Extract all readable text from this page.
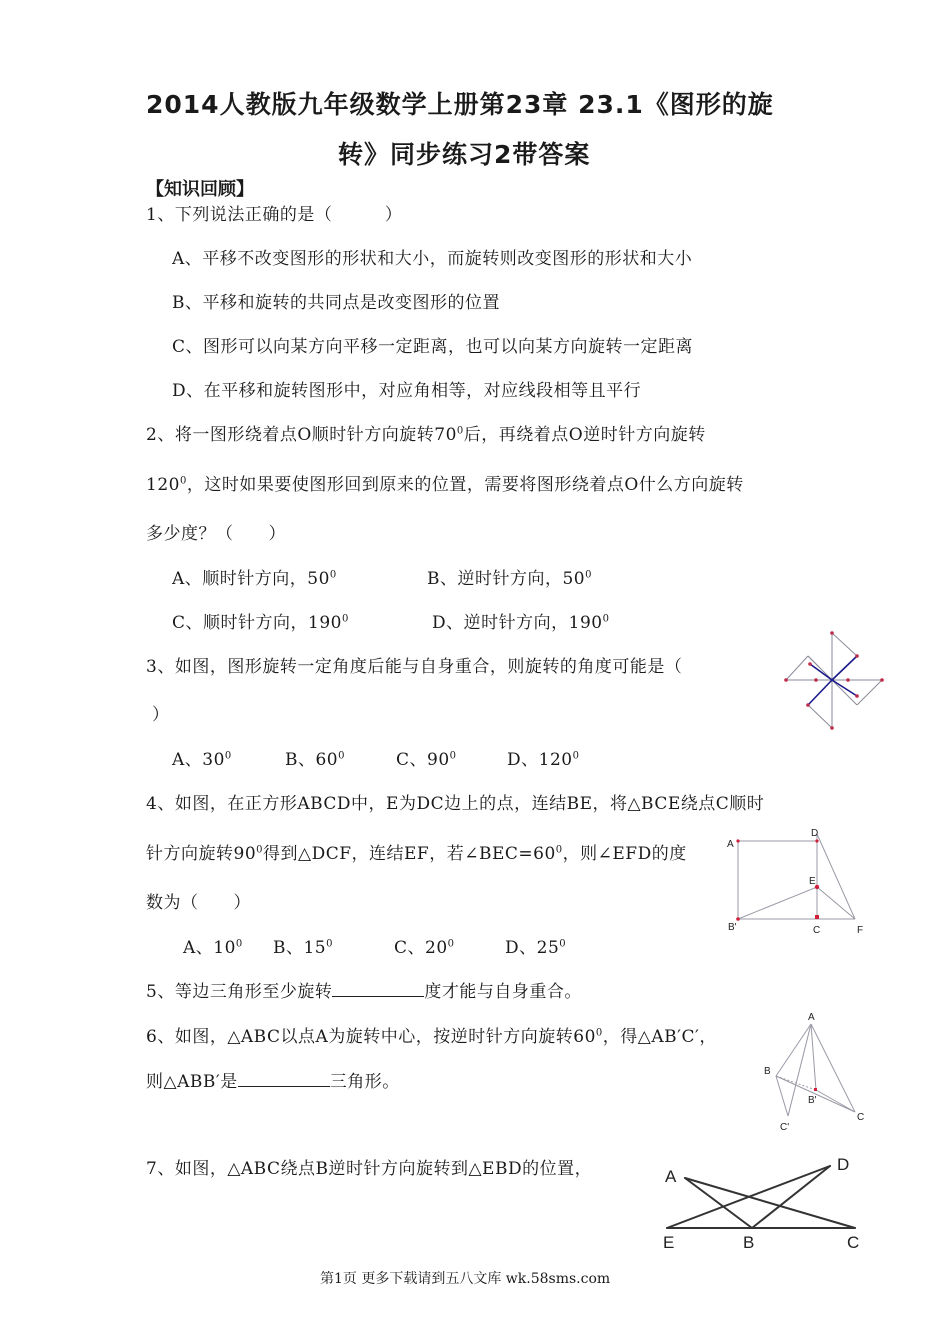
2014人教版九年级数学上册第23章 23.1《图形的旋
转》同步练习2带答案
【知识回顾】
1、下列说法正确的是（　　　）
A、平移不改变图形的形状和大小，而旋转则改变图形的形状和大小
B、平移和旋转的共同点是改变图形的位置
C、图形可以向某方向平移一定距离，也可以向某方向旋转一定距离
D、在平移和旋转图形中，对应角相等，对应线段相等且平行
2、将一图形绕着点O顺时针方向旋转$70^0$后，再绕着点O逆时针方向旋转
$120^0$，这时如果要使图形回到原来的位置，需要将图形绕着点O什么方向旋转
多少度？（　　）
A、顺时针方向，$50^0$	B、逆时针方向，$50^0$
C、顺时针方向，$190^0$	D、逆时针方向，$190^0$
3、如图，图形旋转一定角度后能与自身重合，则旋转的角度可能是（
）
A、$30^0$	B、$60^0$	C、$90^0$	D、$120^0$
4、如图，在正方形ABCD中，E为DC边上的点，连结BE，将△BCE绕点C顺时
针方向旋转$90^0$得到△DCF，连结EF，若$\angle BEC=60^0$，则∠EFD的度
数为（　　）
A、$10^0$ B、$15^0$	C、$20^0$	D、$25^0$
A
D
E
B'	C	F
5、等边三角形至少旋转	度才能与自身重合。
6、如图，△ABC以点A为旋转中心，按逆时针方向旋转$60^0$，得△AB′C′，
则△ABB′是	三角形。
A
B
B'
C'
C
7、如图，△ABC绕点B逆时针方向旋转到△EBD的位置，	A
D
E	B	C
第1页 更多下载请到五八文库 wk.58sms.com
